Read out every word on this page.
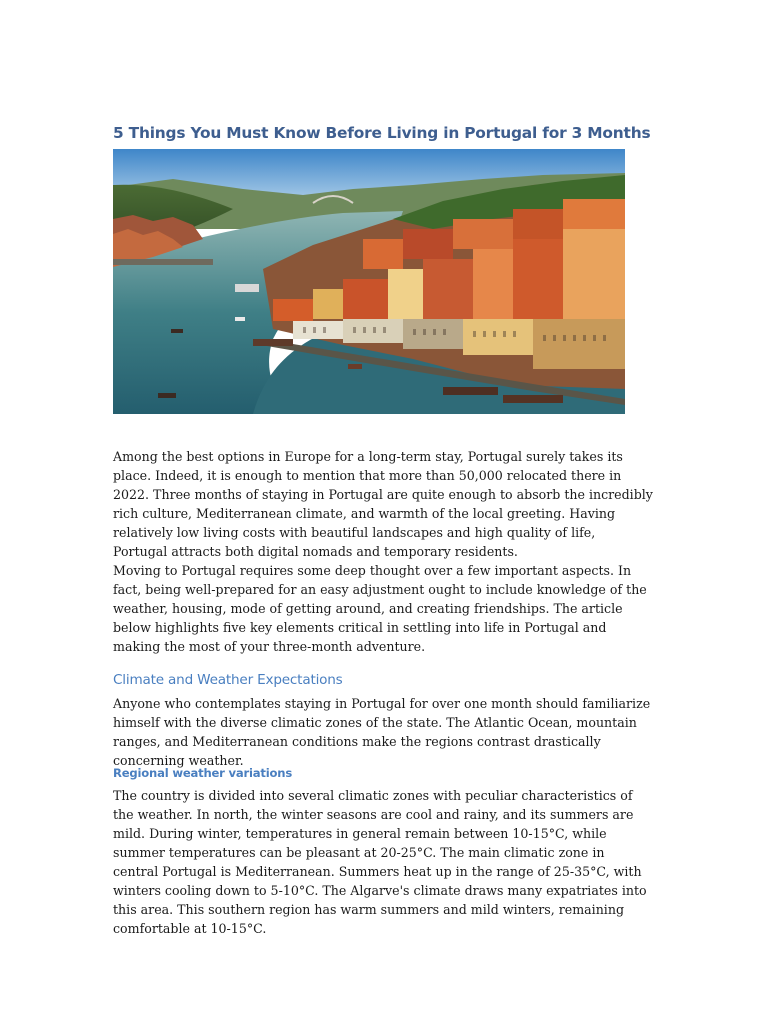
5 Things You Must Know Before Living in Portugal for 3 Months

Among the best options in Europe for a long-term stay, Portugal surely takes its place. Indeed, it is enough to mention that more than 50,000 relocated there in 2022. Three months of staying in Portugal are quite enough to absorb the incredibly rich culture, Mediterranean climate, and warmth of the local greeting. Having relatively low living costs with beautiful landscapes and high quality of life, Portugal attracts both digital nomads and temporary residents.

Moving to Portugal requires some deep thought over a few important aspects. In fact, being well-prepared for an easy adjustment ought to include knowledge of the weather, housing, mode of getting around, and creating friendships. The article below highlights five key elements critical in settling into life in Portugal and making the most of your three-month adventure.

Climate and Weather Expectations

Anyone who contemplates staying in Portugal for over one month should familiarize himself with the diverse climatic zones of the state. The Atlantic Ocean, mountain ranges, and Mediterranean conditions make the regions contrast drastically concerning weather.

Regional weather variations

The country is divided into several climatic zones with peculiar characteristics of the weather. In north, the winter seasons are cool and rainy, and its summers are mild. During winter, temperatures in general remain between 10-15°C, while summer temperatures can be pleasant at 20-25°C. The main climatic zone in central Portugal is Mediterranean. Summers heat up in the range of 25-35°C, with winters cooling down to 5-10°C. The Algarve's climate draws many expatriates into this area. This southern region has warm summers and mild winters, remaining comfortable at 10-15°C.
